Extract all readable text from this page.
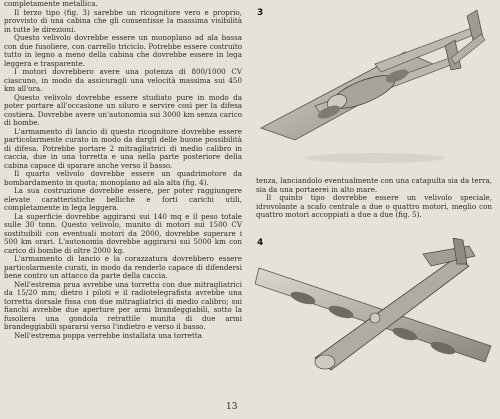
completamente metallica.

Il terzo tipo (fig. 3) sarebbe un ricognitore vero e proprio, provvisto di una cabina che gli consentisse la massima visibilità in tutte le direzioni.

Questo velivolo dovrebbe essere un monoplano ad ala bassa con due fusoliere, con carrello triciclo. Potrebbe essere costruito tutto in legno a meno della cabina che dovrebbe essere in lega leggera e trasparente.

I motori dovrebbero avere una potenza di 800/1000 CV ciascuno, in modo da assicuragli una velocità massima sui 450 km all'ora.

Questo velivolo dovrebbe essere studiato pure in modo da poter portare all'occasione un siluro e servire così per la difesa costiera. Dovrebbe avere un'autonomia sui 3000 km senza carico di bombe.

L'armamento di lancio di questo ricognitore dovrebbe essere particolarmente curato in modo da dargli delle buone possibilità di difesa. Potrebbe portare 2 mitragliatrici di medio calibro in caccia, due in una torretta e una nella parte posteriore della cabina capace di sparare anche verso il basso.

Il quarto velivolo dovrebbe essere un quadrimotore da bombardamento in quota; monoplano ad ala alta (fig. 4).

La sua costruzione dovrebbe essere, per poter raggiungere elevate caratteristiche belliche e forti carichi utili, completamente in lega leggera.

La superficie dovrebbe aggirarsi sui 140 mq e il peso totale sulle 30 tonn. Questo velivolo, munito di motori sui 1500 CV sostituibili con eventuali motori da 2000, dovrebbe superare i 500 km orari. L'autonomia dovrebbe aggirarsi sui 5000 km con carico di bombe di oltre 2000 kg.

L'armamento di lancio e la corazzatura dovrebbero essere particolarmente curati, in modo da renderlo capace di difendersi bene contro un attacco da parte della caccia.

Nell'estrema prua avrebbe una torretta con due mitragliatrici da 15/20 mm; dietro i piloti e il radiotelegrafista avrebbe una torretta dorsale fissa con due mitragliatrici di medio calibro; sui fianchi avrebbe due aperture per armi brandeggiabili, sotto la fusoliera una gondola retrattile munita di due armi brandeggiabili spararsi verso l'indietro e verso il basso.

Nell'estrema poppa verrebbe installata una torretta

3

tenza, lanciandolo eventualmente con una catapulta sia da terra, sia da una portaerei in alto mare.

Il quinto tipo dovrebbe essere un velivolo speciale, idrovolante a scafo centrale a due o quattro motori, meglio con quattro motori accoppiati a due a due (fig. 5).

4
13
